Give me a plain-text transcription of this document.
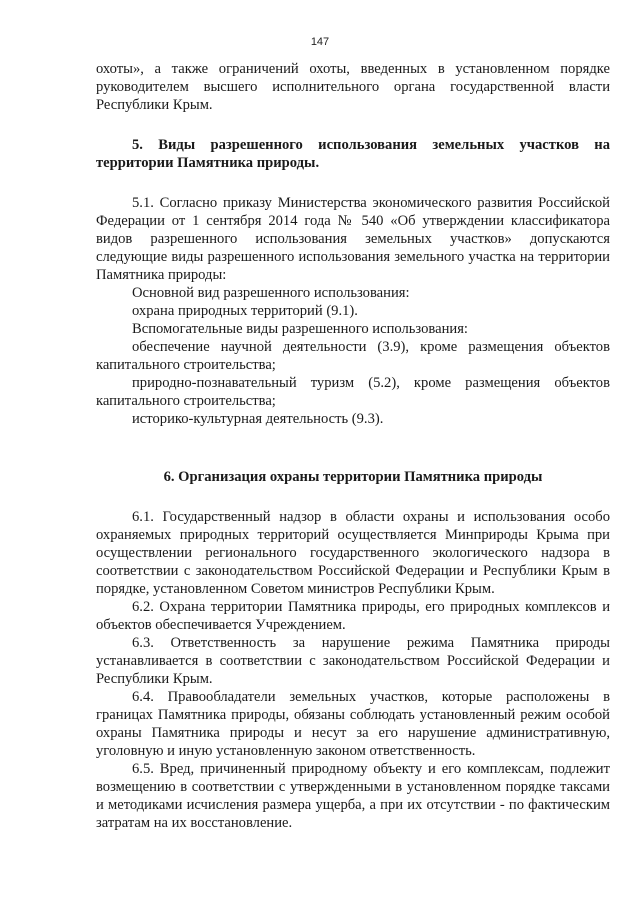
147

охоты», а также ограничений охоты, введенных в установленном порядке руководителем высшего исполнительного органа государственной власти Республики Крым.

5. Виды разрешенного использования земельных участков на территории Памятника природы.

5.1. Согласно приказу Министерства экономического развития Российской Федерации от 1 сентября 2014 года № 540 «Об утверждении классификатора видов разрешенного использования земельных участков» допускаются следующие виды разрешенного использования земельного участка на территории Памятника природы:

Основной вид разрешенного использования:

охрана природных территорий (9.1).

Вспомогательные виды разрешенного использования:

обеспечение научной деятельности (3.9), кроме размещения объектов капитального строительства;

природно-познавательный туризм (5.2), кроме размещения объектов капитального строительства;

историко-культурная деятельность (9.3).

6. Организация охраны территории Памятника природы

6.1. Государственный надзор в области охраны и использования особо охраняемых природных территорий осуществляется Минприроды Крыма при осуществлении регионального государственного экологического надзора в соответствии с законодательством Российской Федерации и Республики Крым в порядке, установленном Советом министров Республики Крым.

6.2. Охрана территории Памятника природы, его природных комплексов и объектов обеспечивается Учреждением.

6.3. Ответственность за нарушение режима Памятника природы устанавливается в соответствии с законодательством Российской Федерации и Республики Крым.

6.4. Правообладатели земельных участков, которые расположены в границах Памятника природы, обязаны соблюдать установленный режим особой охраны Памятника природы и несут за его нарушение административную, уголовную и иную установленную законом ответственность.

6.5. Вред, причиненный природному объекту и его комплексам, подлежит возмещению в соответствии с утвержденными в установленном порядке таксами и методиками исчисления размера ущерба, а при их отсутствии - по фактическим затратам на их восстановление.
